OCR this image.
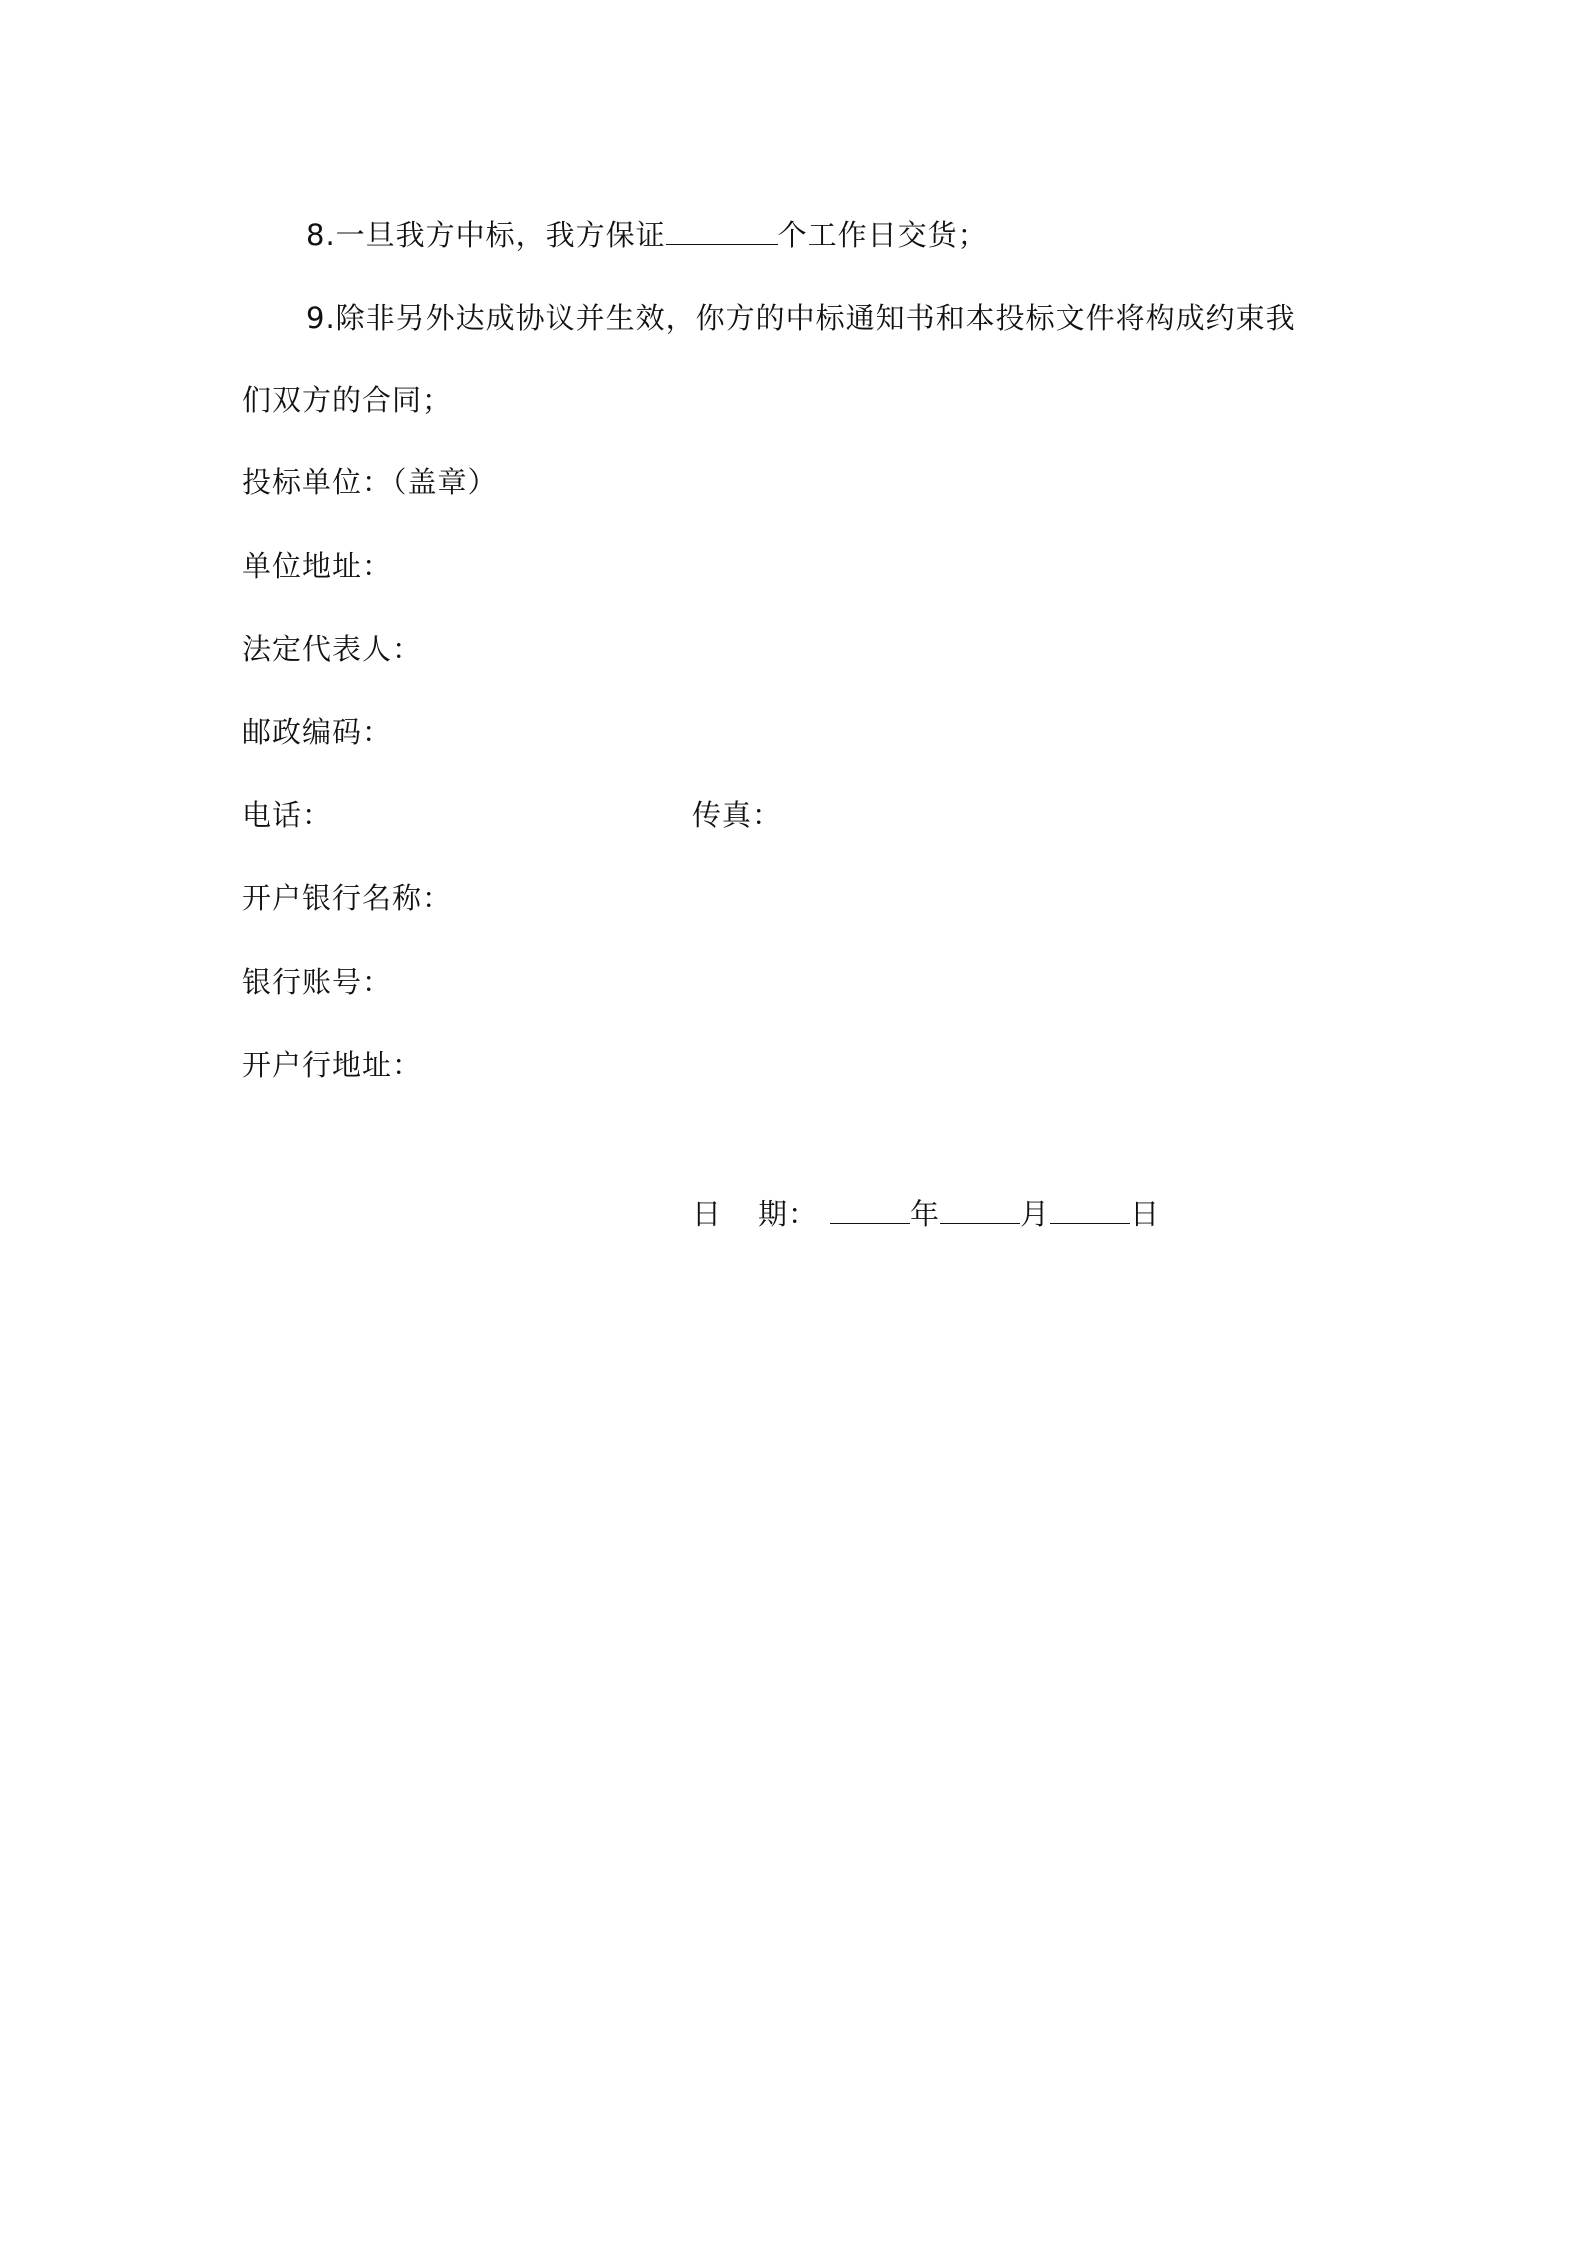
8.一旦我方中标，我方保证	个工作日交货；
9.除非另外达成协议并生效，你方的中标通知书和本投标文件将构成约束我
们双方的合同；
投标单位：（盖章）
单位地址：
法定代表人：
邮政编码：
电话：	传真：
开户银行名称：
银行账号：
开户行地址：
日 期：	年	月	日
